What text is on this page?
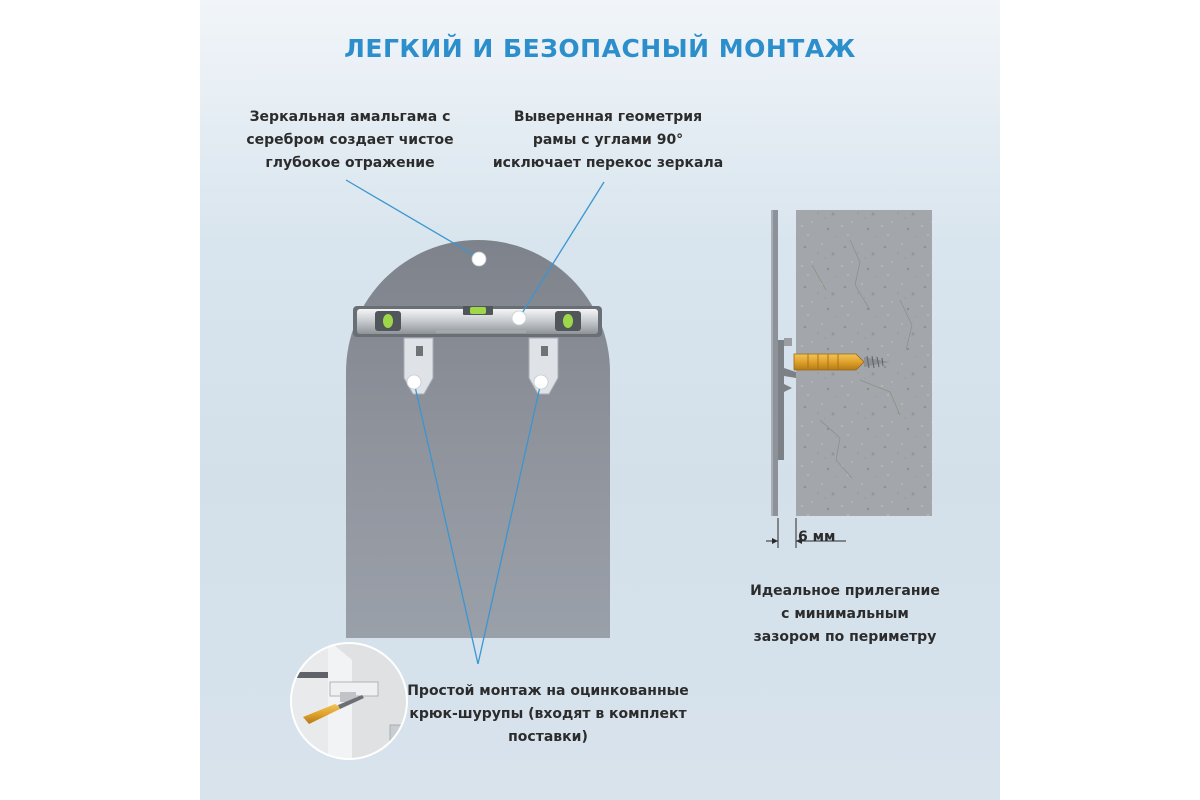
ЛЕГКИЙ И БЕЗОПАСНЫЙ МОНТАЖ
Зеркальная амальгама с
серебром создает чистое
глубокое отражение
Выверенная геометрия
рамы с углами 90°
исключает перекос зеркала
Простой монтаж на оцинкованные
крюк-шурупы (входят в комплект
поставки)
Идеальное прилегание
с минимальным
зазором по периметру
6 мм
